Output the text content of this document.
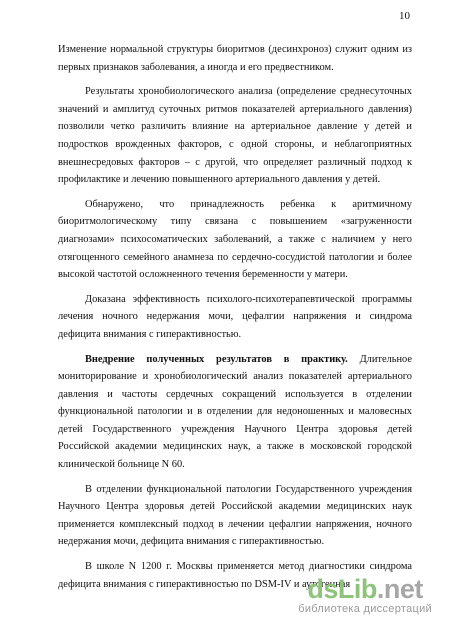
10

Изменение нормальной структуры биоритмов (десинхроноз) служит одним из первых признаков заболевания, а иногда и его предвестником.

Результаты хронобиологического анализа (определение среднесуточных значений и амплитуд суточных ритмов показателей артериального давления) позволили четко различить влияние на артериальное давление у детей и подростков врожденных факторов, с одной стороны, и неблагоприятных внешнесредовых факторов – с другой, что определяет различный подход к профилактике и лечению повышенного артериального давления у детей.

Обнаружено, что принадлежность ребенка к аритмичному биоритмологическому типу связана с повышением «загруженности диагнозами» психосоматических заболеваний, а также с наличием у него отягощенного семейного анамнеза по сердечно-сосудистой патологии и более высокой частотой осложненного течения беременности у матери.

Доказана эффективность психолого-психотерапевтической программы лечения ночного недержания мочи, цефалгии напряжения и синдрома дефицита внимания с гиперактивностью.

Внедрение полученных результатов в практику. Длительное мониторирование и хронобиологический анализ показателей артериального давления и частоты сердечных сокращений используется в отделении функциональной патологии и в отделении для недоношенных и маловесных детей Государственного учреждения Научного Центра здоровья детей Российской академии медицинских наук, а также в московской городской клинической больнице N 60.

В отделении функциональной патологии Государственного учреждения Научного Центра здоровья детей Российской академии медицинских наук применяется комплексный подход в лечении цефалгии напряжения, ночного недержания мочи, дефицита внимания с гиперактивностью.

В школе N 1200 г. Москвы применяется метод диагностики синдрома дефицита внимания с гиперактивностью по DSM-IV и аутогенная

dsLib.net
библиотека диссертаций
